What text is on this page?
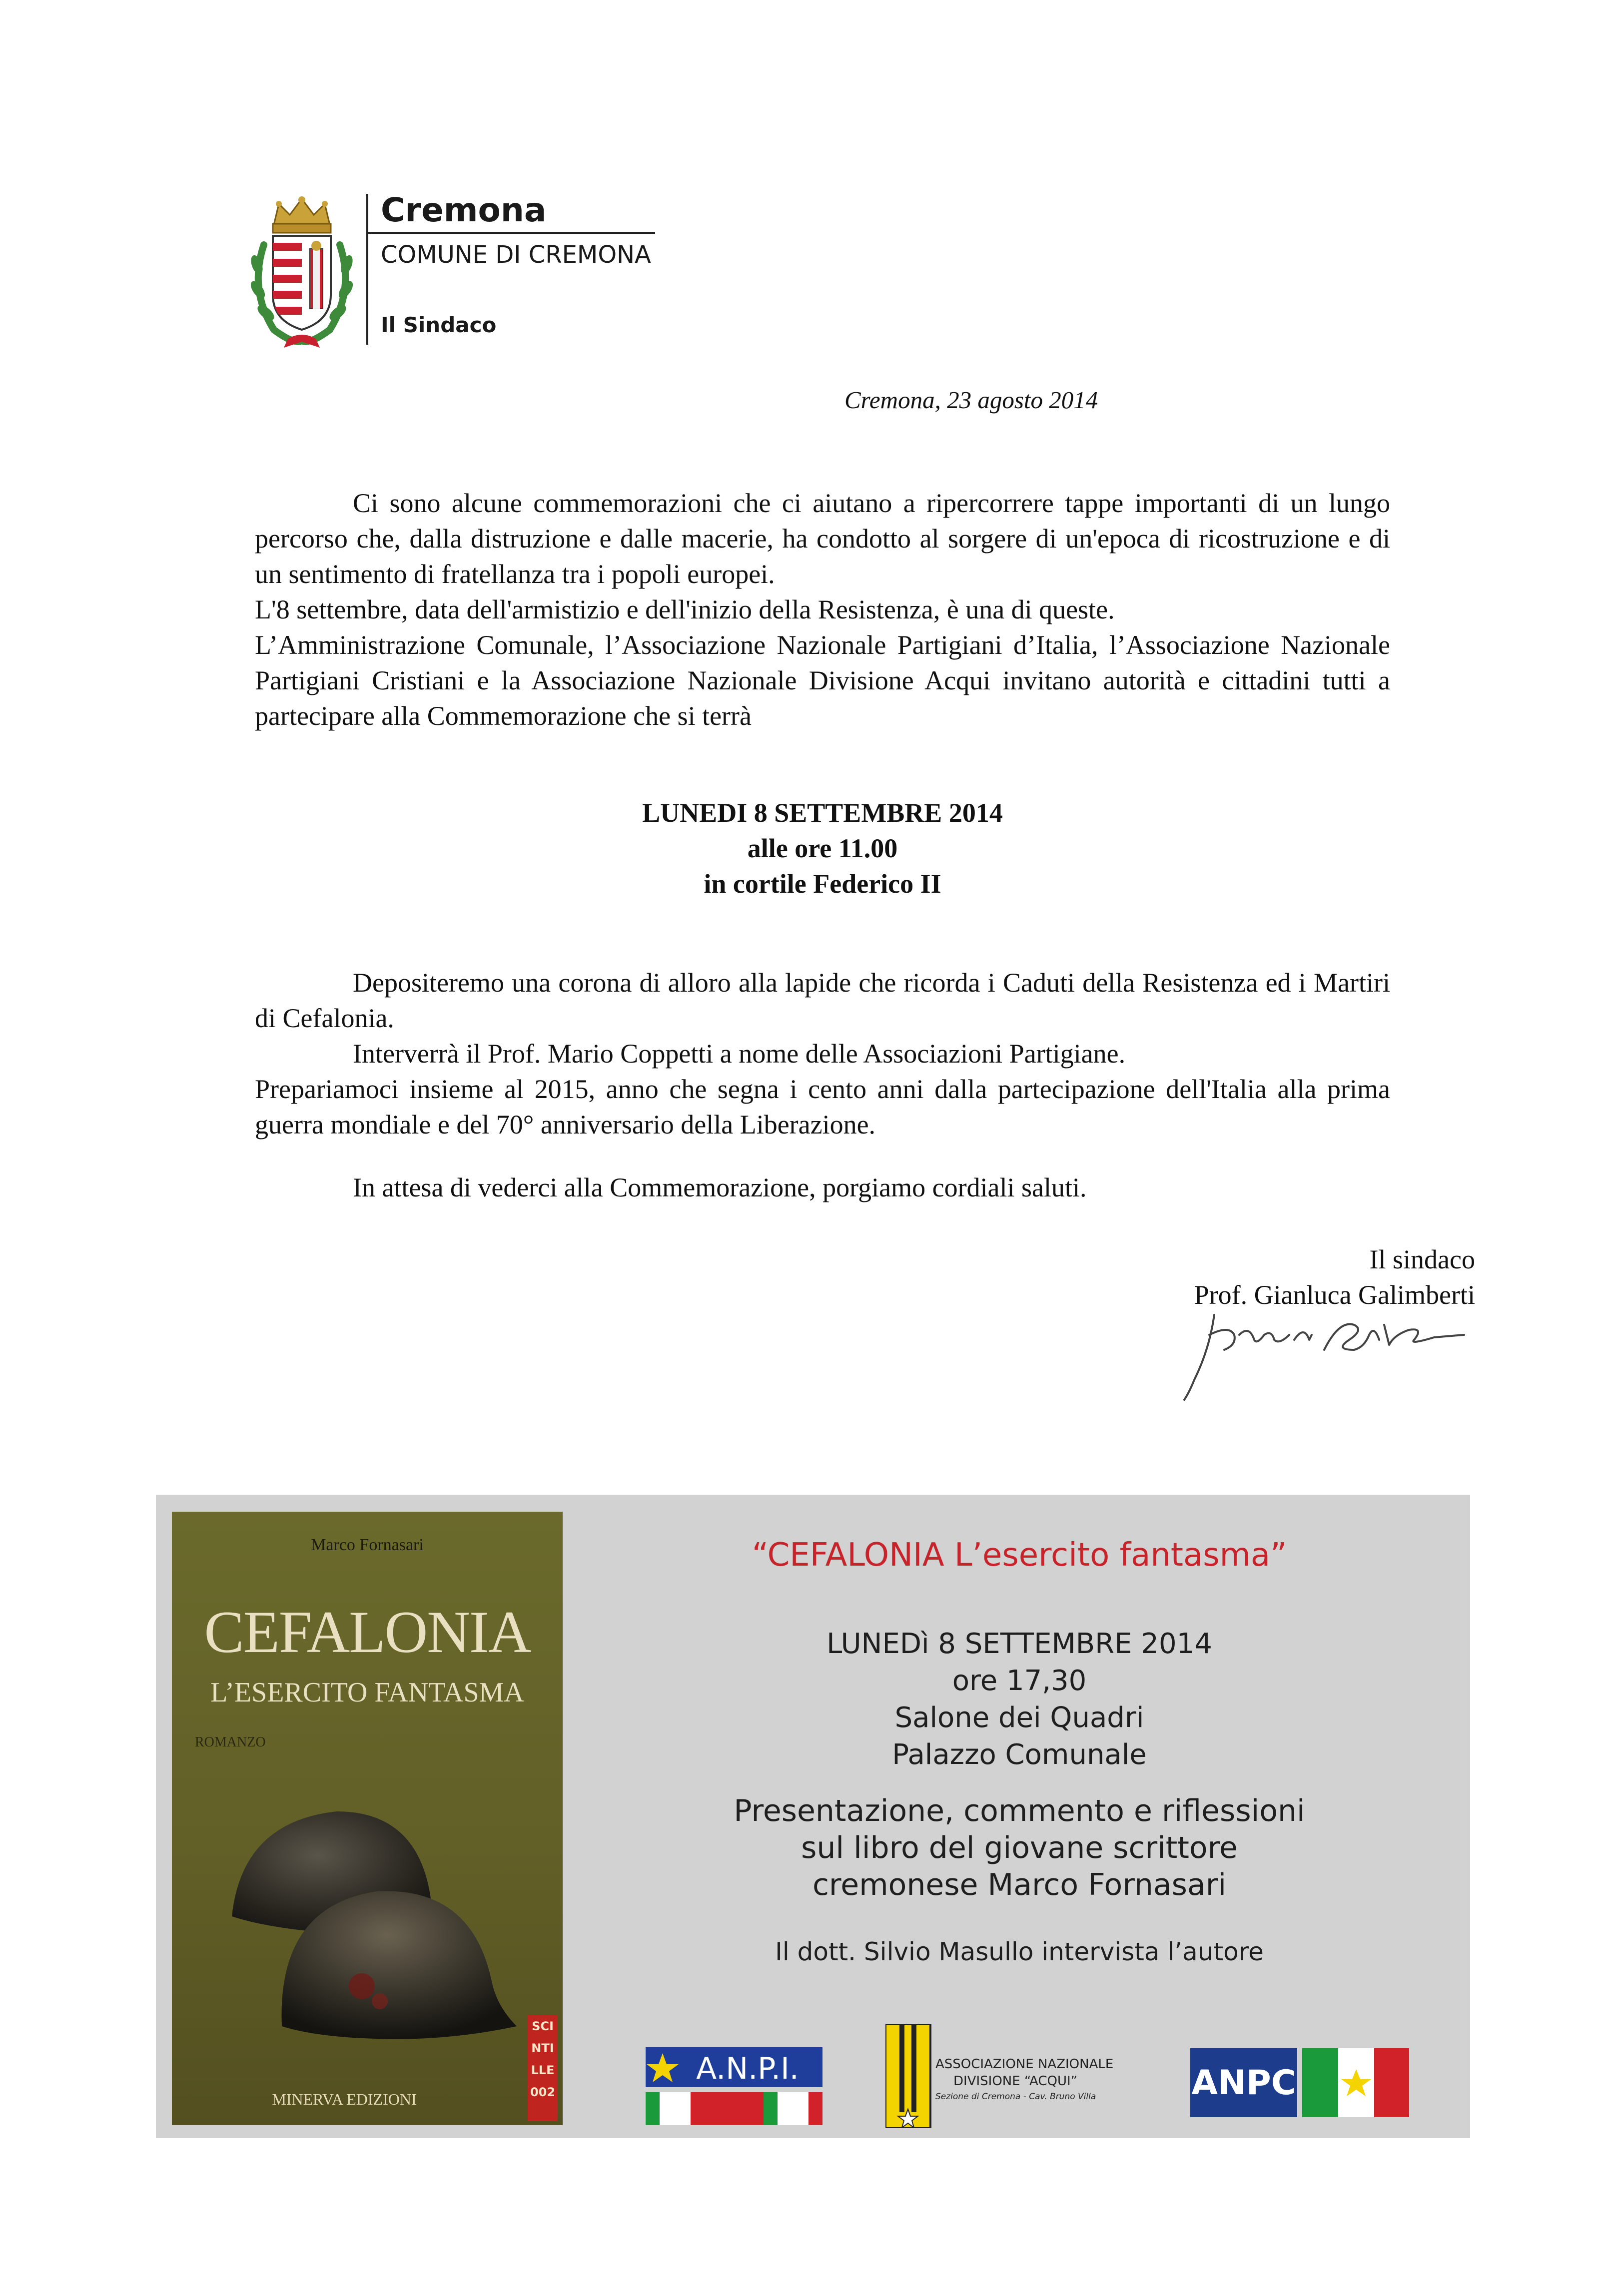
Cremona
COMUNE DI CREMONA
Il Sindaco
Cremona, 23 agosto 2014

Ci sono alcune commemorazioni che ci aiutano a ripercorrere tappe importanti di un lungo percorso che, dalla distruzione e dalle macerie, ha condotto al sorgere di un'epoca di ricostruzione e di un sentimento di fratellanza tra i popoli europei.

L'8 settembre, data dell'armistizio e dell'inizio della Resistenza, è una di queste.

L’Amministrazione Comunale, l’Associazione Nazionale Partigiani d’Italia, l’Associazione Nazionale Partigiani Cristiani e la Associazione Nazionale Divisione Acqui invitano autorità e cittadini tutti a partecipare alla Commemorazione che si terrà

LUNEDI 8 SETTEMBRE 2014
alle ore 11.00
in cortile Federico II

Depositeremo una corona di alloro alla lapide che ricorda i Caduti della Resistenza ed i Martiri di Cefalonia.

Interverrà il Prof. Mario Coppetti a nome delle Associazioni Partigiane.

Prepariamoci insieme al 2015, anno che segna i cento anni dalla partecipazione dell'Italia alla prima guerra mondiale e del 70° anniversario della Liberazione.

In attesa di vederci alla Commemorazione, porgiamo cordiali saluti.

Il sindaco
Prof. Gianluca Galimberti
Marco Fornasari
CEFALONIA
L’ESERCITO FANTASMA
ROMANZO
MINERVA EDIZIONI
SCI
NTI
LLE
002
“CEFALONIA L’esercito fantasma”
LUNEDì 8 SETTEMBRE 2014
ore 17,30
Salone dei Quadri
Palazzo Comunale
Presentazione, commento e riflessioni
sul libro del giovane scrittore
cremonese Marco Fornasari
Il dott. Silvio Masullo intervista l’autore
A.N.P.I.	ASSOCIAZIONE NAZIONALE
DIVISIONE “ACQUI”
Sezione di Cremona - Cav. Bruno Villa	ANPC
